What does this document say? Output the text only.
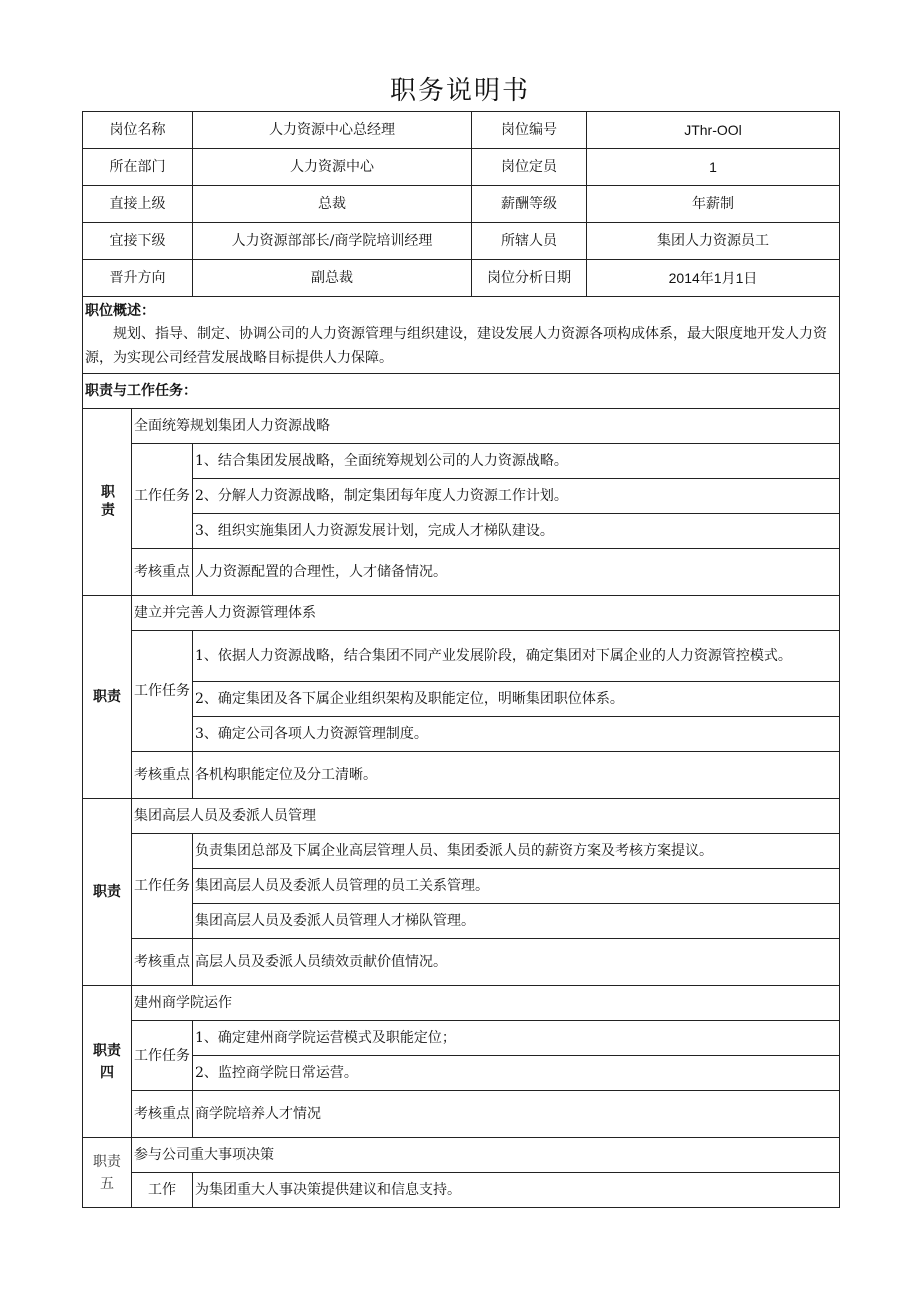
职务说明书
岗位名称		人力资源中心总经理	岗位编号	JThr-OOl
所在部门		人力资源中心	岗位定员	1
直接上级		总裁	薪酬等级	年薪制
宜接下级		人力资源部部长/商学院培训经理	所辖人员	集团人力资源员工
晋升方向		副总裁	岗位分析日期	2014年1月1日

职位概述：
规划、指导、制定、协调公司的人力资源管理与组织建设，建设发展人力资源各项构成体系，最大限度地开发人力资源，为实现公司经营发展战略目标提供人力保障。				

职责与工作任务：				
职责	全面统筹规划集团人力资源战略			
	工作任务	1、结合集团发展战略，全面统筹规划公司的人力资源战略。		
		2、分解人力资源战略，制定集团每年度人力资源工作计划。		
		3、组织实施集团人力资源发展计划，完成人才梯队建设。		
	考核重点	人力资源配置的合理性，人才储备情况。		
职责	建立并完善人力资源管理体系			
	工作任务	1、依据人力资源战略，结合集团不同产业发展阶段，确定集团对下属企业的人力资源管控模式。		
		2、确定集团及各下属企业组织架构及职能定位，明晰集团职位体系。		
		3、确定公司各项人力资源管理制度。		
	考核重点	各机构职能定位及分工清晰。		
职责	集团高层人员及委派人员管理			
	工作任务	负责集团总部及下属企业高层管理人员、集团委派人员的薪资方案及考核方案提议。		
		集团高层人员及委派人员管理的员工关系管理。		
		集团高层人员及委派人员管理人才梯队管理。		
	考核重点	高层人员及委派人员绩效贡献价值情况。		
职责四	建州商学院运作			
	工作任务	1、确定建州商学院运营模式及职能定位；		
		2、监控商学院日常运营。		
	考核重点	商学院培养人才情况		
职责五	参与公司重大事项决策			
	工作	为集团重大人事决策提供建议和信息支持。		
